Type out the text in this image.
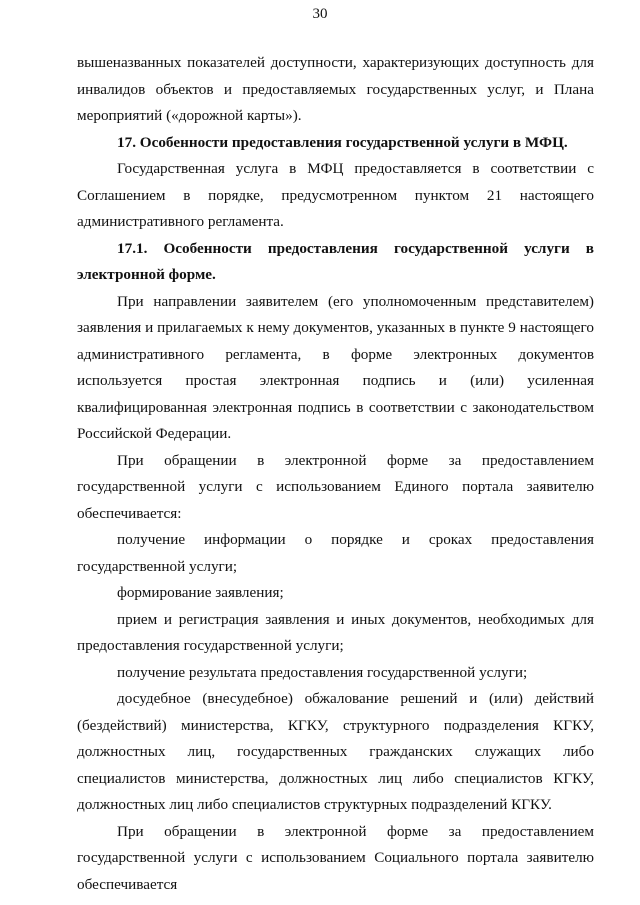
30

вышеназванных показателей доступности, характеризующих доступность для инвалидов объектов и предоставляемых государственных услуг, и Плана мероприятий («дорожной карты»).

17. Особенности предоставления государственной услуги в МФЦ.

Государственная услуга в МФЦ предоставляется в соответствии с Соглашением в порядке, предусмотренном пунктом 21 настоящего административного регламента.

17.1. Особенности предоставления государственной услуги в электронной форме.

При направлении заявителем (его уполномоченным представителем) заявления и прилагаемых к нему документов, указанных в пункте 9 настоящего административного регламента, в форме электронных документов используется простая электронная подпись и (или) усиленная квалифицированная электронная подпись в соответствии с законодательством Российской Федерации.

При обращении в электронной форме за предоставлением государственной услуги с использованием Единого портала заявителю обеспечивается:

получение информации о порядке и сроках предоставления государственной услуги;

формирование заявления;

прием и регистрация заявления и иных документов, необходимых для предоставления государственной услуги;

получение результата предоставления государственной услуги;

досудебное (внесудебное) обжалование решений и (или) действий (бездействий) министерства, КГКУ, структурного подразделения КГКУ, должностных лиц, государственных гражданских служащих либо специалистов министерства, должностных лиц либо специалистов КГКУ, должностных лиц либо специалистов структурных подразделений КГКУ.

При обращении в электронной форме за предоставлением государственной услуги с использованием Социального портала заявителю обеспечивается
